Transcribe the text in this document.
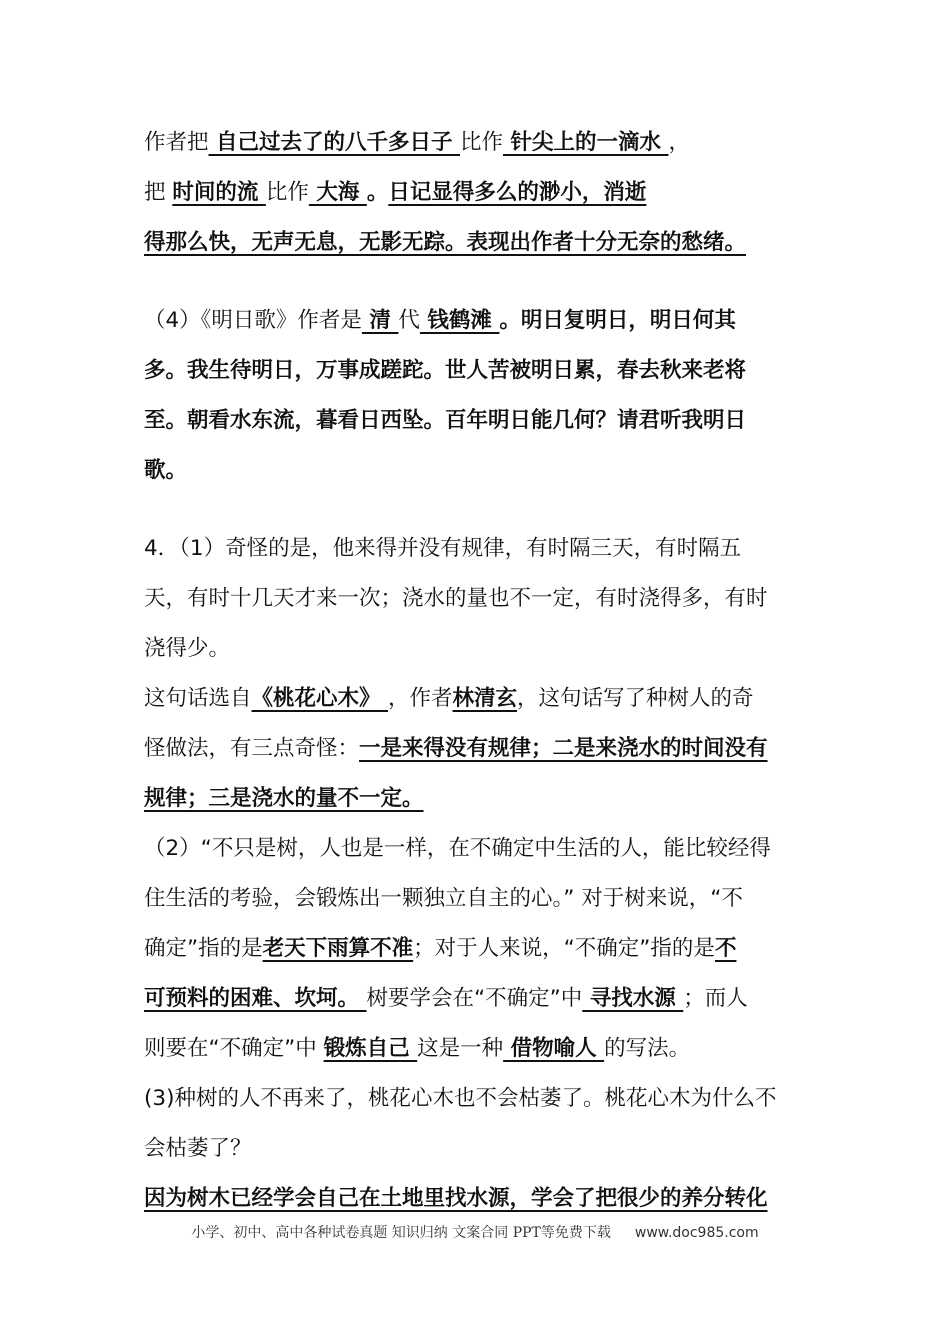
作者把 自己过去了的八千多日子 比作 针尖上的一滴水 ，
把 时间的流 比作 大海 。日记显得多么的渺小，消逝
得那么快，无声无息，无影无踪。表现出作者十分无奈的愁绪。
（4）《明日歌》作者是 清 代 钱鹤滩 。明日复明日，明日何其
多。我生待明日，万事成蹉跎。世人苦被明日累，春去秋来老将
至。朝看水东流，暮看日西坠。百年明日能几何？请君听我明日
歌。
4．（1）奇怪的是，他来得并没有规律，有时隔三天，有时隔五
天，有时十几天才来一次；浇水的量也不一定，有时浇得多，有时
浇得少。
这句话选自《桃花心木》 ，作者林清玄，这句话写了种树人的奇
怪做法，有三点奇怪：一是来得没有规律；二是来浇水的时间没有
规律；三是浇水的量不一定。
（2）“不只是树，人也是一样，在不确定中生活的人，能比较经得
住生活的考验，会锻炼出一颗独立自主的心。” 对于树来说，“不
确定”指的是老天下雨算不准；对于人来说，“不确定”指的是不
可预料的困难、坎坷。 树要学会在“不确定”中 寻找水源 ；而人
则要在“不确定”中 锻炼自己 这是一种 借物喻人 的写法。
(3)种树的人不再来了，桃花心木也不会枯萎了。桃花心木为什么不
会枯萎了？
因为树木已经学会自己在土地里找水源，学会了把很少的养分转化
小学、初中、高中各种试卷真题 知识归纳 文案合同 PPT等免费下载 www.doc985.com
